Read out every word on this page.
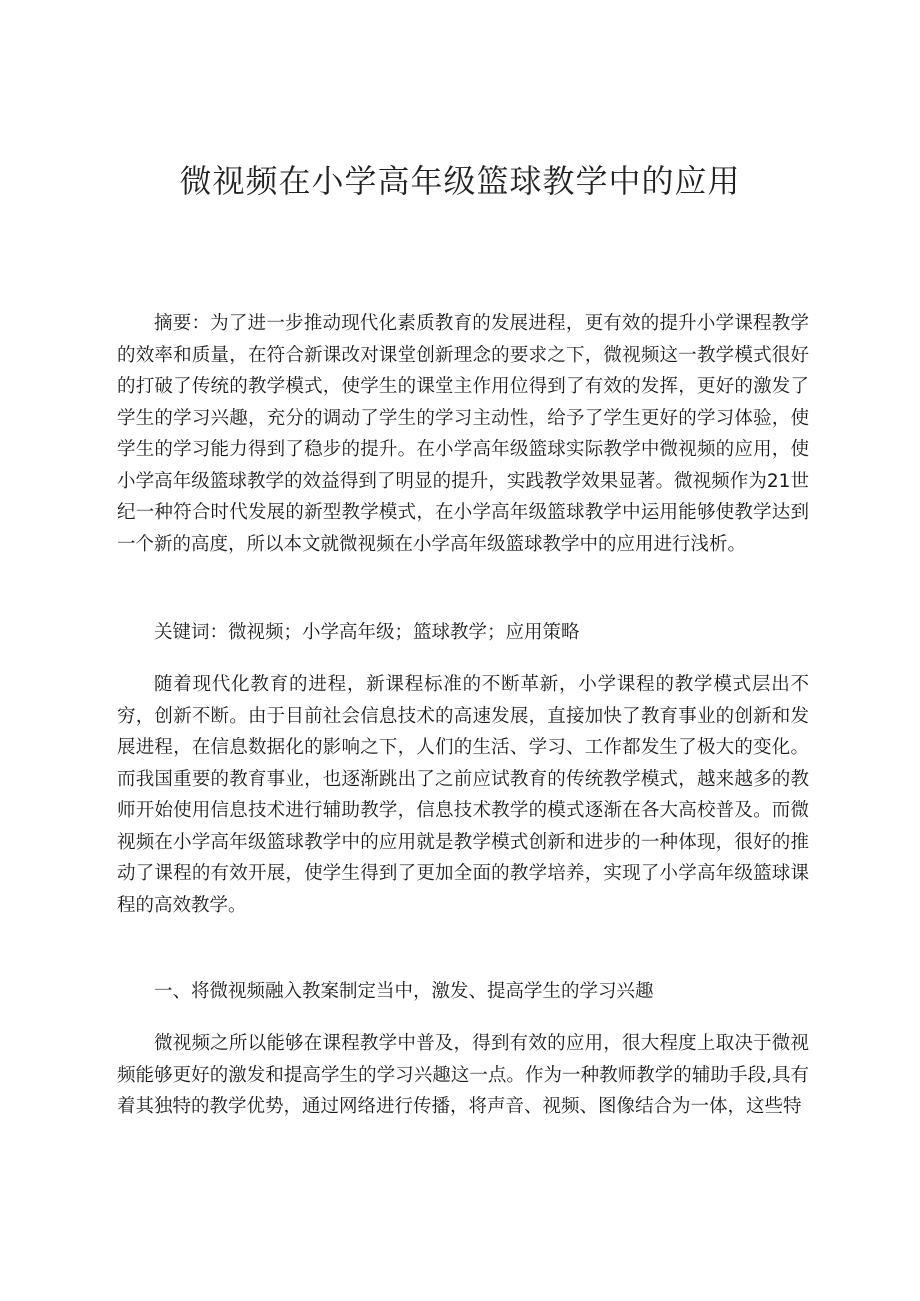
微视频在小学高年级篮球教学中的应用

摘要：为了进一步推动现代化素质教育的发展进程，更有效的提升小学课程教学的效率和质量，在符合新课改对课堂创新理念的要求之下，微视频这一教学模式很好的打破了传统的教学模式，使学生的课堂主作用位得到了有效的发挥，更好的激发了学生的学习兴趣，充分的调动了学生的学习主动性，给予了学生更好的学习体验，使学生的学习能力得到了稳步的提升。在小学高年级篮球实际教学中微视频的应用，使小学高年级篮球教学的效益得到了明显的提升，实践教学效果显著。微视频作为21世纪一种符合时代发展的新型教学模式，在小学高年级篮球教学中运用能够使教学达到一个新的高度，所以本文就微视频在小学高年级篮球教学中的应用进行浅析。

关键词：微视频；小学高年级；篮球教学；应用策略

随着现代化教育的进程，新课程标准的不断革新，小学课程的教学模式层出不穷，创新不断。由于目前社会信息技术的高速发展，直接加快了教育事业的创新和发展进程，在信息数据化的影响之下，人们的生活、学习、工作都发生了极大的变化。而我国重要的教育事业，也逐渐跳出了之前应试教育的传统教学模式，越来越多的教师开始使用信息技术进行辅助教学，信息技术教学的模式逐渐在各大高校普及。而微视频在小学高年级篮球教学中的应用就是教学模式创新和进步的一种体现，很好的推动了课程的有效开展，使学生得到了更加全面的教学培养，实现了小学高年级篮球课程的高效教学。

一、将微视频融入教案制定当中，激发、提高学生的学习兴趣

微视频之所以能够在课程教学中普及，得到有效的应用，很大程度上取决于微视频能够更好的激发和提高学生的学习兴趣这一点。作为一种教师教学的辅助手段,具有着其独特的教学优势，通过网络进行传播，将声音、视频、图像结合为一体，这些特
